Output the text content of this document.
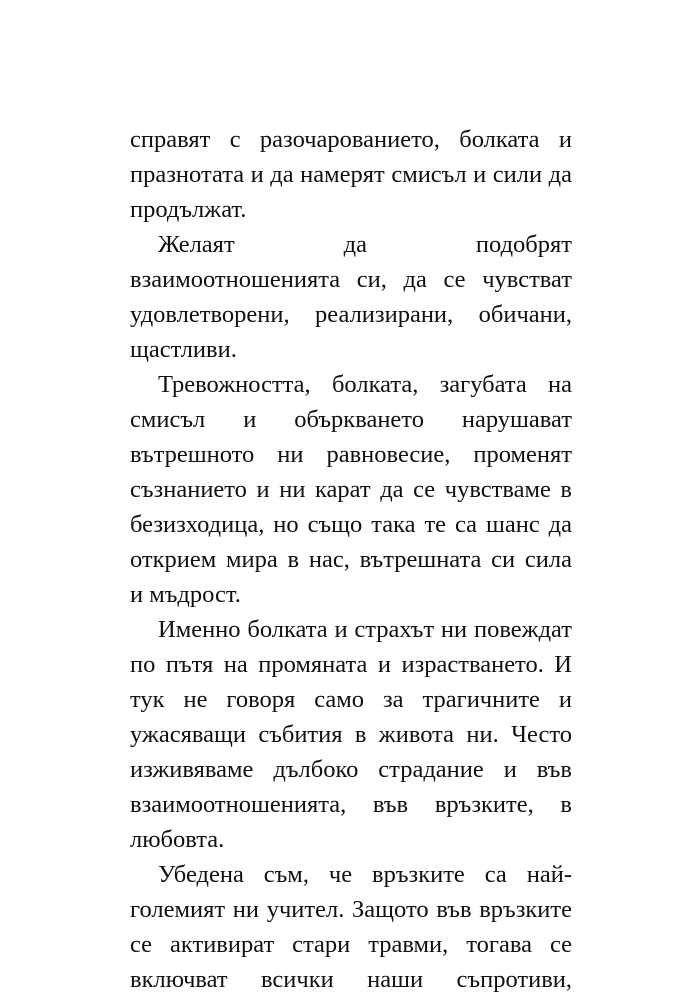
справят с разочарованието, болката и
празнотата и да намерят смисъл и сили да
продължат.
Желаят да подобрят
взаимоотношенията си, да се чувстват
удовлетворени, реализирани, обичани,
щастливи.
Тревожността, болката, загубата на
смисъл и объркването нарушават
вътрешното ни равновесие, променят
съзнанието и ни карат да се чувстваме в
безизходица, но също така те са шанс да
открием мира в нас, вътрешната си сила
и мъдрост.
Именно болката и страхът ни повеждат
по пътя на промяната и израстването. И
тук не говоря само за трагичните и
ужасяващи събития в живота ни. Често
изживяваме дълбоко страдание и във
взаимоотношенията, във връзките, в
любовта.
Убедена съм, че връзките са най-
големият ни учител. Защото във връзките
се активират стари травми, тогава се
включват всички наши съпротиви,
